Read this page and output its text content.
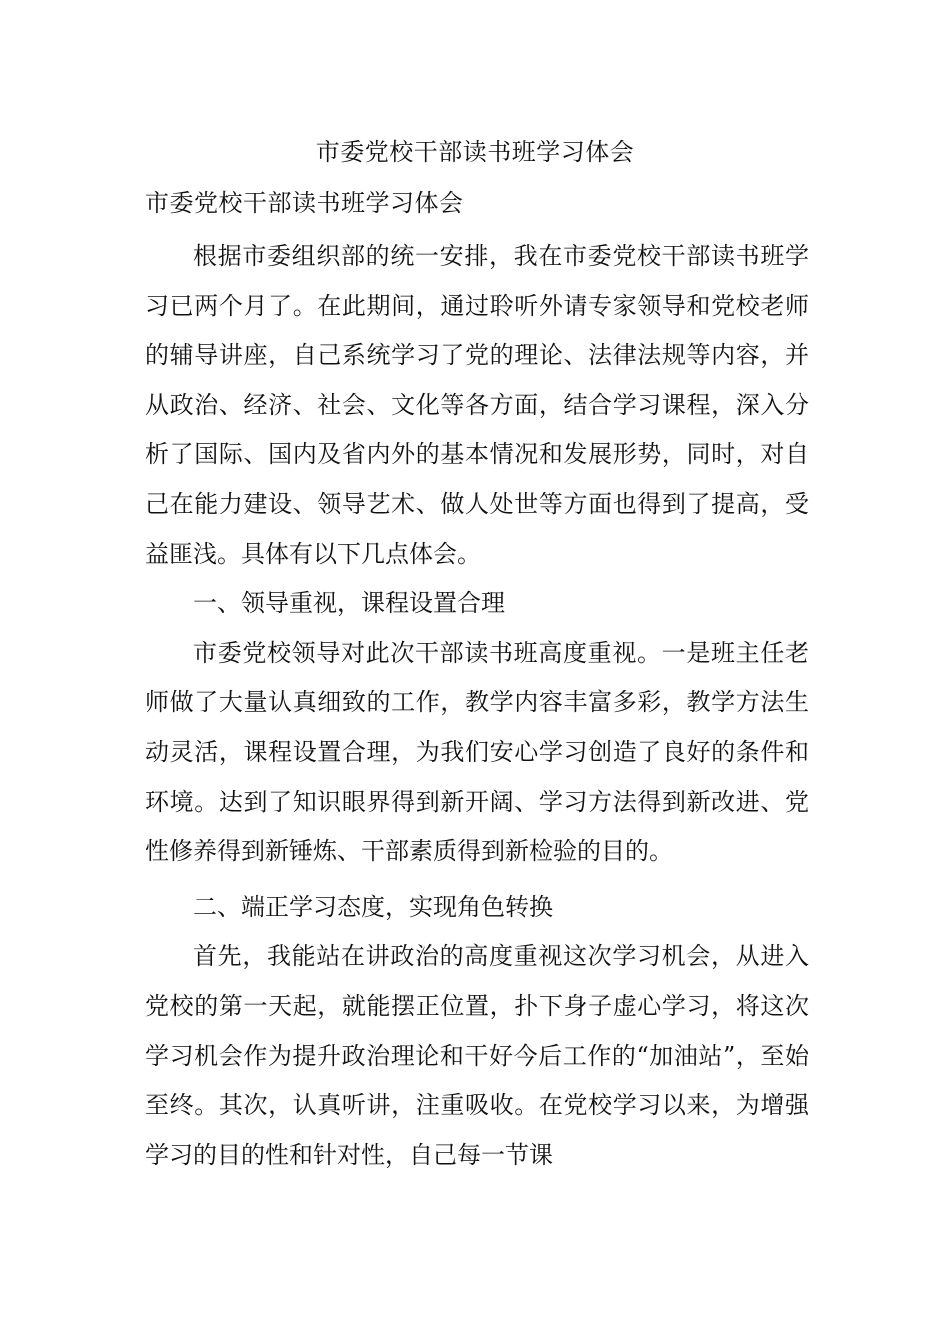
市委党校干部读书班学习体会
市委党校干部读书班学习体会

根据市委组织部的统一安排，我在市委党校干部读书班学习已两个月了。在此期间，通过聆听外请专家领导和党校老师的辅导讲座，自己系统学习了党的理论、法律法规等内容，并从政治、经济、社会、文化等各方面，结合学习课程，深入分析了国际、国内及省内外的基本情况和发展形势，同时，对自己在能力建设、领导艺术、做人处世等方面也得到了提高，受益匪浅。具体有以下几点体会。

一、领导重视，课程设置合理

市委党校领导对此次干部读书班高度重视。一是班主任老师做了大量认真细致的工作，教学内容丰富多彩，教学方法生动灵活，课程设置合理，为我们安心学习创造了良好的条件和环境。达到了知识眼界得到新开阔、学习方法得到新改进、党性修养得到新锤炼、干部素质得到新检验的目的。

二、端正学习态度，实现角色转换

首先，我能站在讲政治的高度重视这次学习机会，从进入党校的第一天起，就能摆正位置，扑下身子虚心学习，将这次学习机会作为提升政治理论和干好今后工作的“加油站”，至始至终。其次，认真听讲，注重吸收。在党校学习以来，为增强学习的目的性和针对性，自己每一节课
